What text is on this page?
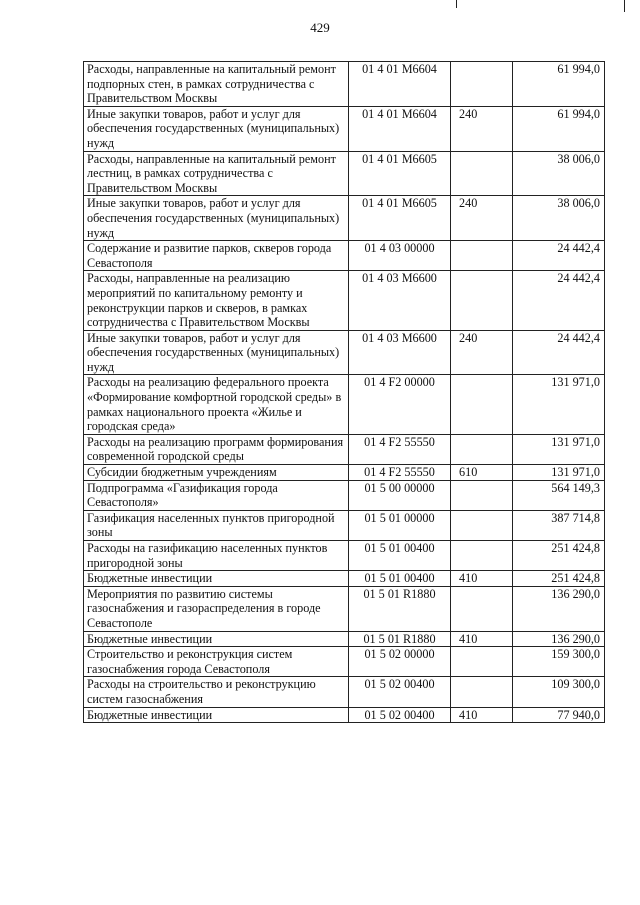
429
Расходы, направленные на капитальный ремонт подпорных стен, в рамках сотрудничества с Правительством Москвы	01 4 01 M6604		61 994,0
Иные закупки товаров, работ и услуг для обеспечения государственных (муниципальных) нужд	01 4 01 M6604	240	61 994,0
Расходы, направленные на капитальный ремонт лестниц, в рамках сотрудничества с Правительством Москвы	01 4 01 M6605		38 006,0
Иные закупки товаров, работ и услуг для обеспечения государственных (муниципальных) нужд	01 4 01 M6605	240	38 006,0
Содержание и развитие парков, скверов города Севастополя	01 4 03 00000		24 442,4
Расходы, направленные на реализацию мероприятий по капитальному ремонту и реконструкции парков и скверов, в рамках сотрудничества с Правительством Москвы	01 4 03 M6600		24 442,4
Иные закупки товаров, работ и услуг для обеспечения государственных (муниципальных) нужд	01 4 03 M6600	240	24 442,4
Расходы на реализацию федерального проекта «Формирование комфортной городской среды» в рамках национального проекта «Жилье и городская среда»	01 4 F2 00000		131 971,0
Расходы на реализацию программ формирования современной городской среды	01 4 F2 55550		131 971,0
Субсидии бюджетным учреждениям	01 4 F2 55550	610	131 971,0
Подпрограмма «Газификация города Севастополя»	01 5 00 00000		564 149,3
Газификация населенных пунктов пригородной зоны	01 5 01 00000		387 714,8
Расходы на газификацию населенных пунктов пригородной зоны	01 5 01 00400		251 424,8
Бюджетные инвестиции	01 5 01 00400	410	251 424,8
Мероприятия по развитию системы газоснабжения и газораспределения в городе Севастополе	01 5 01 R1880		136 290,0
Бюджетные инвестиции	01 5 01 R1880	410	136 290,0
Строительство и реконструкция систем газоснабжения города Севастополя	01 5 02 00000		159 300,0
Расходы на строительство и реконструкцию систем газоснабжения	01 5 02 00400		109 300,0
Бюджетные инвестиции	01 5 02 00400	410	77 940,0
